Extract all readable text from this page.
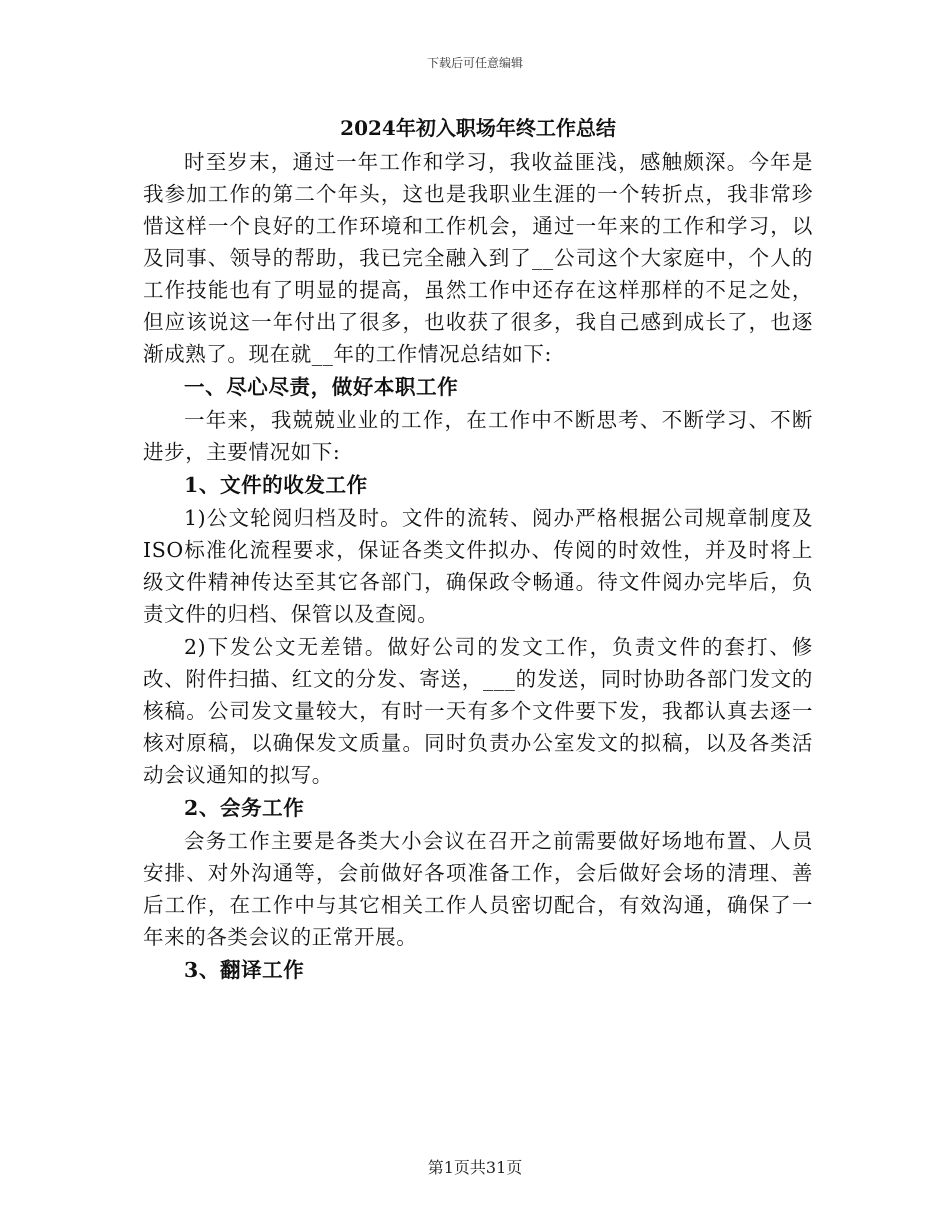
下载后可任意编辑
2024年初入职场年终工作总结

时至岁末，通过一年工作和学习，我收益匪浅，感触颇深。今年是我参加工作的第二个年头，这也是我职业生涯的一个转折点，我非常珍惜这样一个良好的工作环境和工作机会，通过一年来的工作和学习，以及同事、领导的帮助，我已完全融入到了__公司这个大家庭中，个人的工作技能也有了明显的提高，虽然工作中还存在这样那样的不足之处，但应该说这一年付出了很多，也收获了很多，我自己感到成长了，也逐渐成熟了。现在就__年的工作情况总结如下:

一、尽心尽责，做好本职工作

一年来，我兢兢业业的工作，在工作中不断思考、不断学习、不断进步，主要情况如下:

1、文件的收发工作

1)公文轮阅归档及时。文件的流转、阅办严格根据公司规章制度及ISO标准化流程要求，保证各类文件拟办、传阅的时效性，并及时将上级文件精神传达至其它各部门，确保政令畅通。待文件阅办完毕后，负责文件的归档、保管以及查阅。

2)下发公文无差错。做好公司的发文工作，负责文件的套打、修改、附件扫描、红文的分发、寄送，___的发送，同时协助各部门发文的核稿。公司发文量较大，有时一天有多个文件要下发，我都认真去逐一核对原稿，以确保发文质量。同时负责办公室发文的拟稿，以及各类活动会议通知的拟写。

2、会务工作

会务工作主要是各类大小会议在召开之前需要做好场地布置、人员安排、对外沟通等，会前做好各项准备工作，会后做好会场的清理、善后工作，在工作中与其它相关工作人员密切配合，有效沟通，确保了一年来的各类会议的正常开展。

3、翻译工作

第1页共31页
